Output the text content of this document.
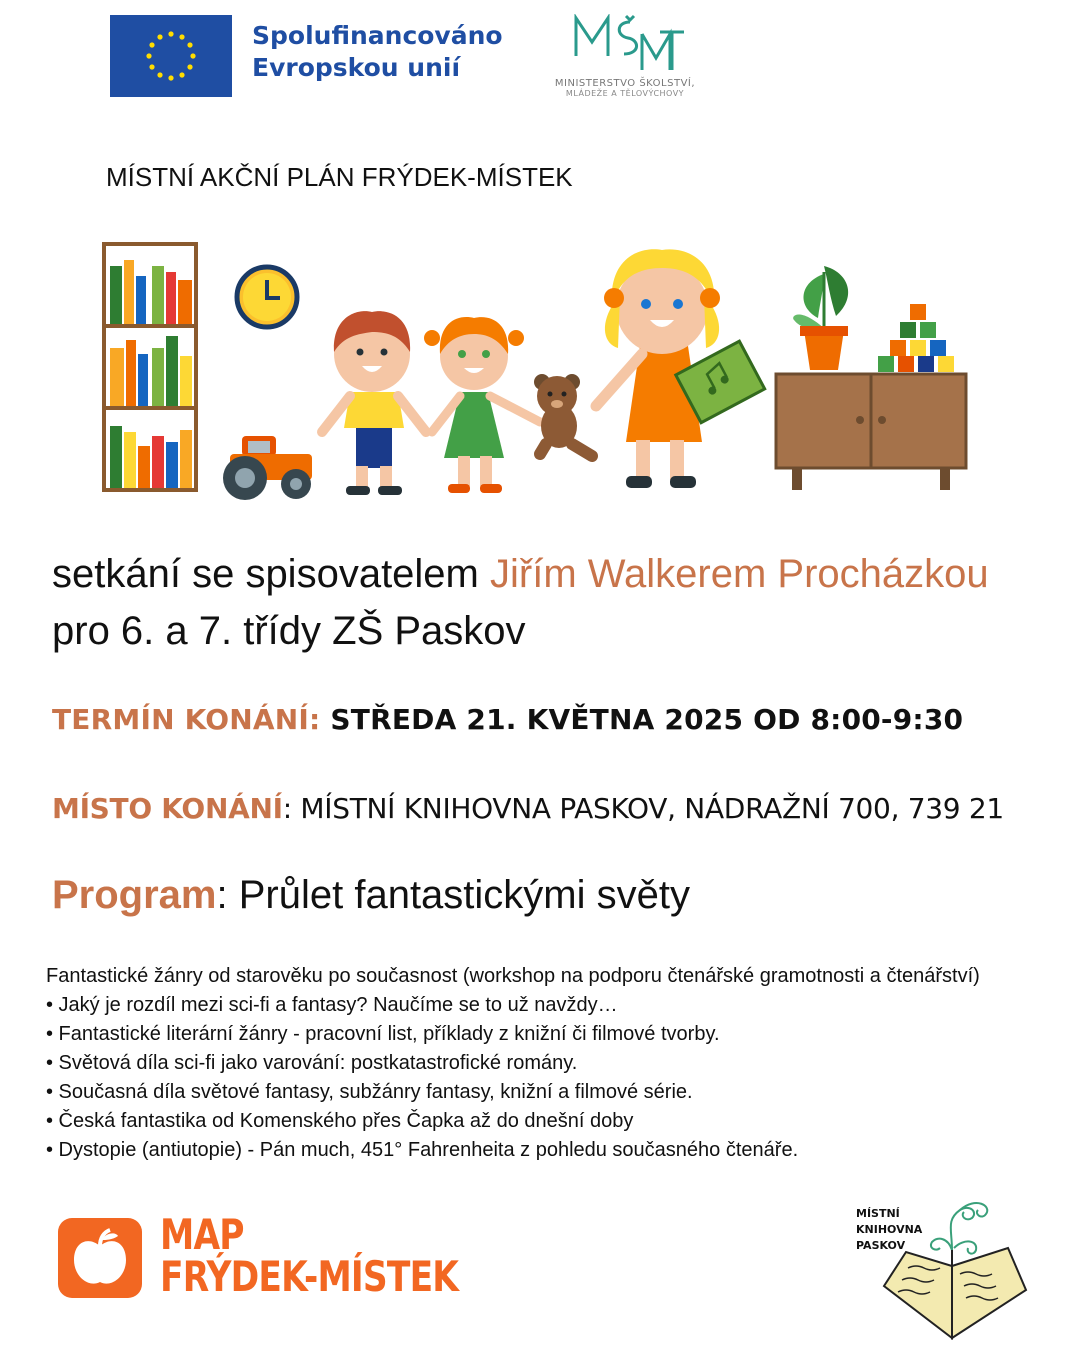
Spolufinancováno
Evropskou unií
MINISTERSTVO ŠKOLSTVÍ,
MLÁDEŽE A TĚLOVÝCHOVY
MÍSTNÍ AKČNÍ PLÁN FRÝDEK-MÍSTEK
setkání se spisovatelem Jiřím Walkerem Procházkou
pro 6. a 7. třídy ZŠ Paskov
TERMÍN KONÁNÍ: STŘEDA 21. KVĚTNA 2025 OD 8:00-9:30
MÍSTO KONÁNÍ: MÍSTNÍ KNIHOVNA PASKOV, NÁDRAŽNÍ 700, 739 21
Program: Průlet fantastickými světy
Fantastické žánry od starověku po současnost (workshop na podporu čtenářské gramotnosti a čtenářství)
• Jaký je rozdíl mezi sci-fi a fantasy? Naučíme se to už navždy…
• Fantastické literární žánry - pracovní list, příklady z knižní či filmové tvorby.
• Světová díla sci-fi jako varování: postkatastrofické romány.
• Současná díla světové fantasy, subžánry fantasy, knižní a filmové série.
• Česká fantastika od Komenského přes Čapka až do dnešní doby
• Dystopie (antiutopie) - Pán much, 451° Fahrenheita z pohledu současného čtenáře.
MAP
FRÝDEK-MÍSTEK
MÍSTNÍ
KNIHOVNA
PASKOV
